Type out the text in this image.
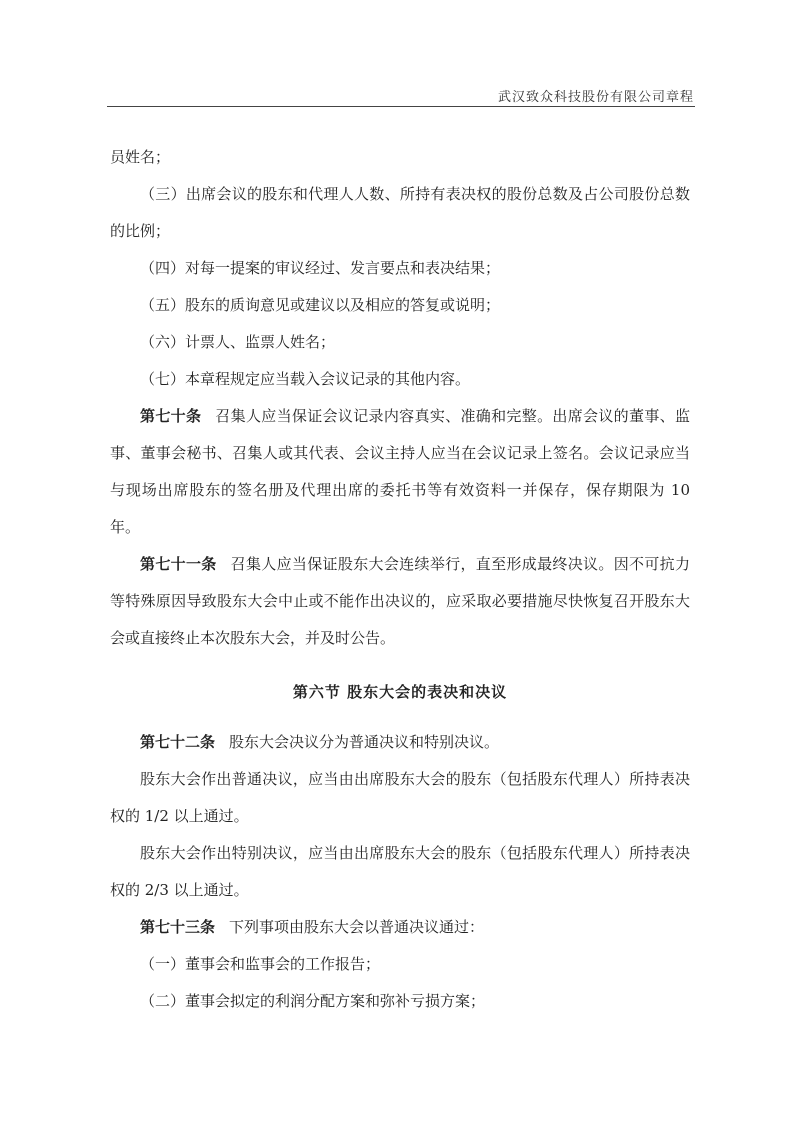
武汉致众科技股份有限公司章程

员姓名；

（三）出席会议的股东和代理人人数、所持有表决权的股份总数及占公司股份总数的比例；

（四）对每一提案的审议经过、发言要点和表决结果；

（五）股东的质询意见或建议以及相应的答复或说明；

（六）计票人、监票人姓名；

（七）本章程规定应当载入会议记录的其他内容。

第七十条 召集人应当保证会议记录内容真实、准确和完整。出席会议的董事、监事、董事会秘书、召集人或其代表、会议主持人应当在会议记录上签名。会议记录应当与现场出席股东的签名册及代理出席的委托书等有效资料一并保存，保存期限为 10 年。

第七十一条 召集人应当保证股东大会连续举行，直至形成最终决议。因不可抗力等特殊原因导致股东大会中止或不能作出决议的，应采取必要措施尽快恢复召开股东大会或直接终止本次股东大会，并及时公告。

第六节 股东大会的表决和决议

第七十二条 股东大会决议分为普通决议和特别决议。

股东大会作出普通决议，应当由出席股东大会的股东（包括股东代理人）所持表决权的 1/2 以上通过。

股东大会作出特别决议，应当由出席股东大会的股东（包括股东代理人）所持表决权的 2/3 以上通过。

第七十三条 下列事项由股东大会以普通决议通过：

（一）董事会和监事会的工作报告；

（二）董事会拟定的利润分配方案和弥补亏损方案；
